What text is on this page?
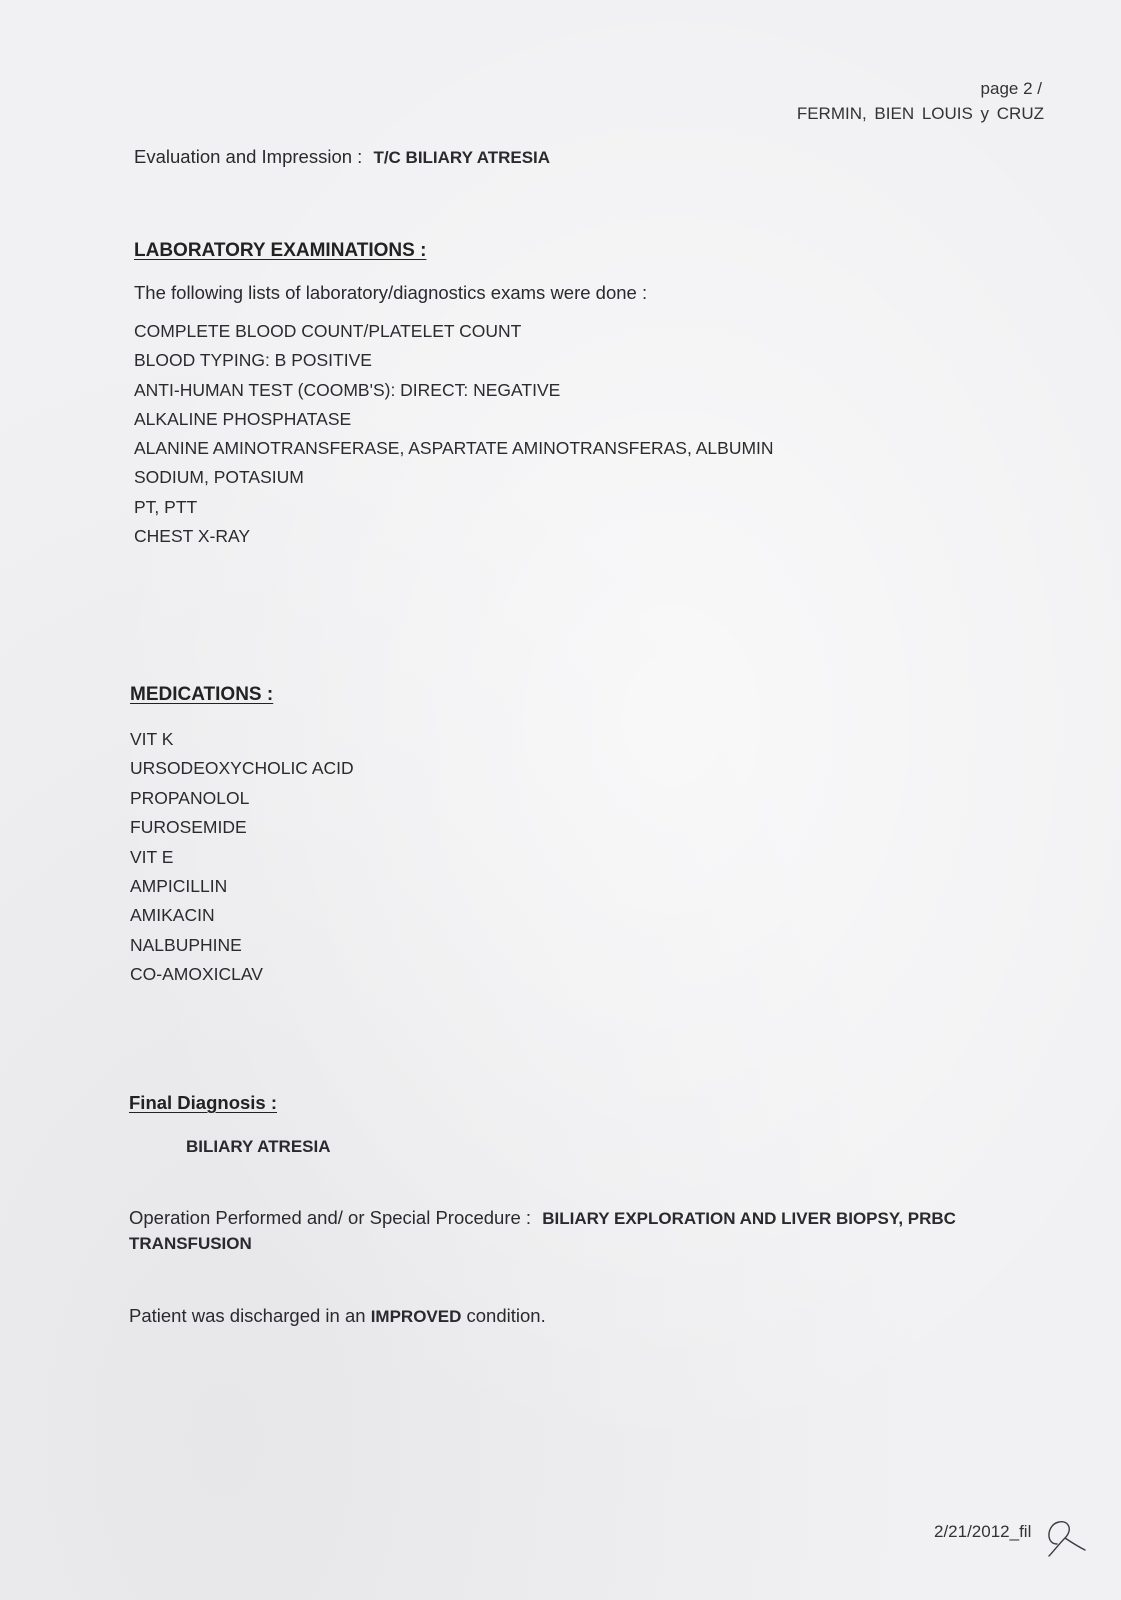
page 2 /
FERMIN, BIEN LOUIS y CRUZ
Evaluation and Impression : T/C BILIARY ATRESIA
LABORATORY EXAMINATIONS :
The following lists of laboratory/diagnostics exams were done :
COMPLETE BLOOD COUNT/PLATELET COUNT
BLOOD TYPING: B POSITIVE
ANTI-HUMAN TEST (COOMB'S): DIRECT: NEGATIVE
ALKALINE PHOSPHATASE
ALANINE AMINOTRANSFERASE, ASPARTATE AMINOTRANSFERAS, ALBUMIN
SODIUM, POTASIUM
PT, PTT
CHEST X-RAY
MEDICATIONS :
VIT K
URSODEOXYCHOLIC ACID
PROPANOLOL
FUROSEMIDE
VIT E
AMPICILLIN
AMIKACIN
NALBUPHINE
CO-AMOXICLAV
Final Diagnosis :
BILIARY ATRESIA
Operation Performed and/ or Special Procedure : BILIARY EXPLORATION AND LIVER BIOPSY, PRBC TRANSFUSION
Patient was discharged in an IMPROVED condition.
2/21/2012_fil
